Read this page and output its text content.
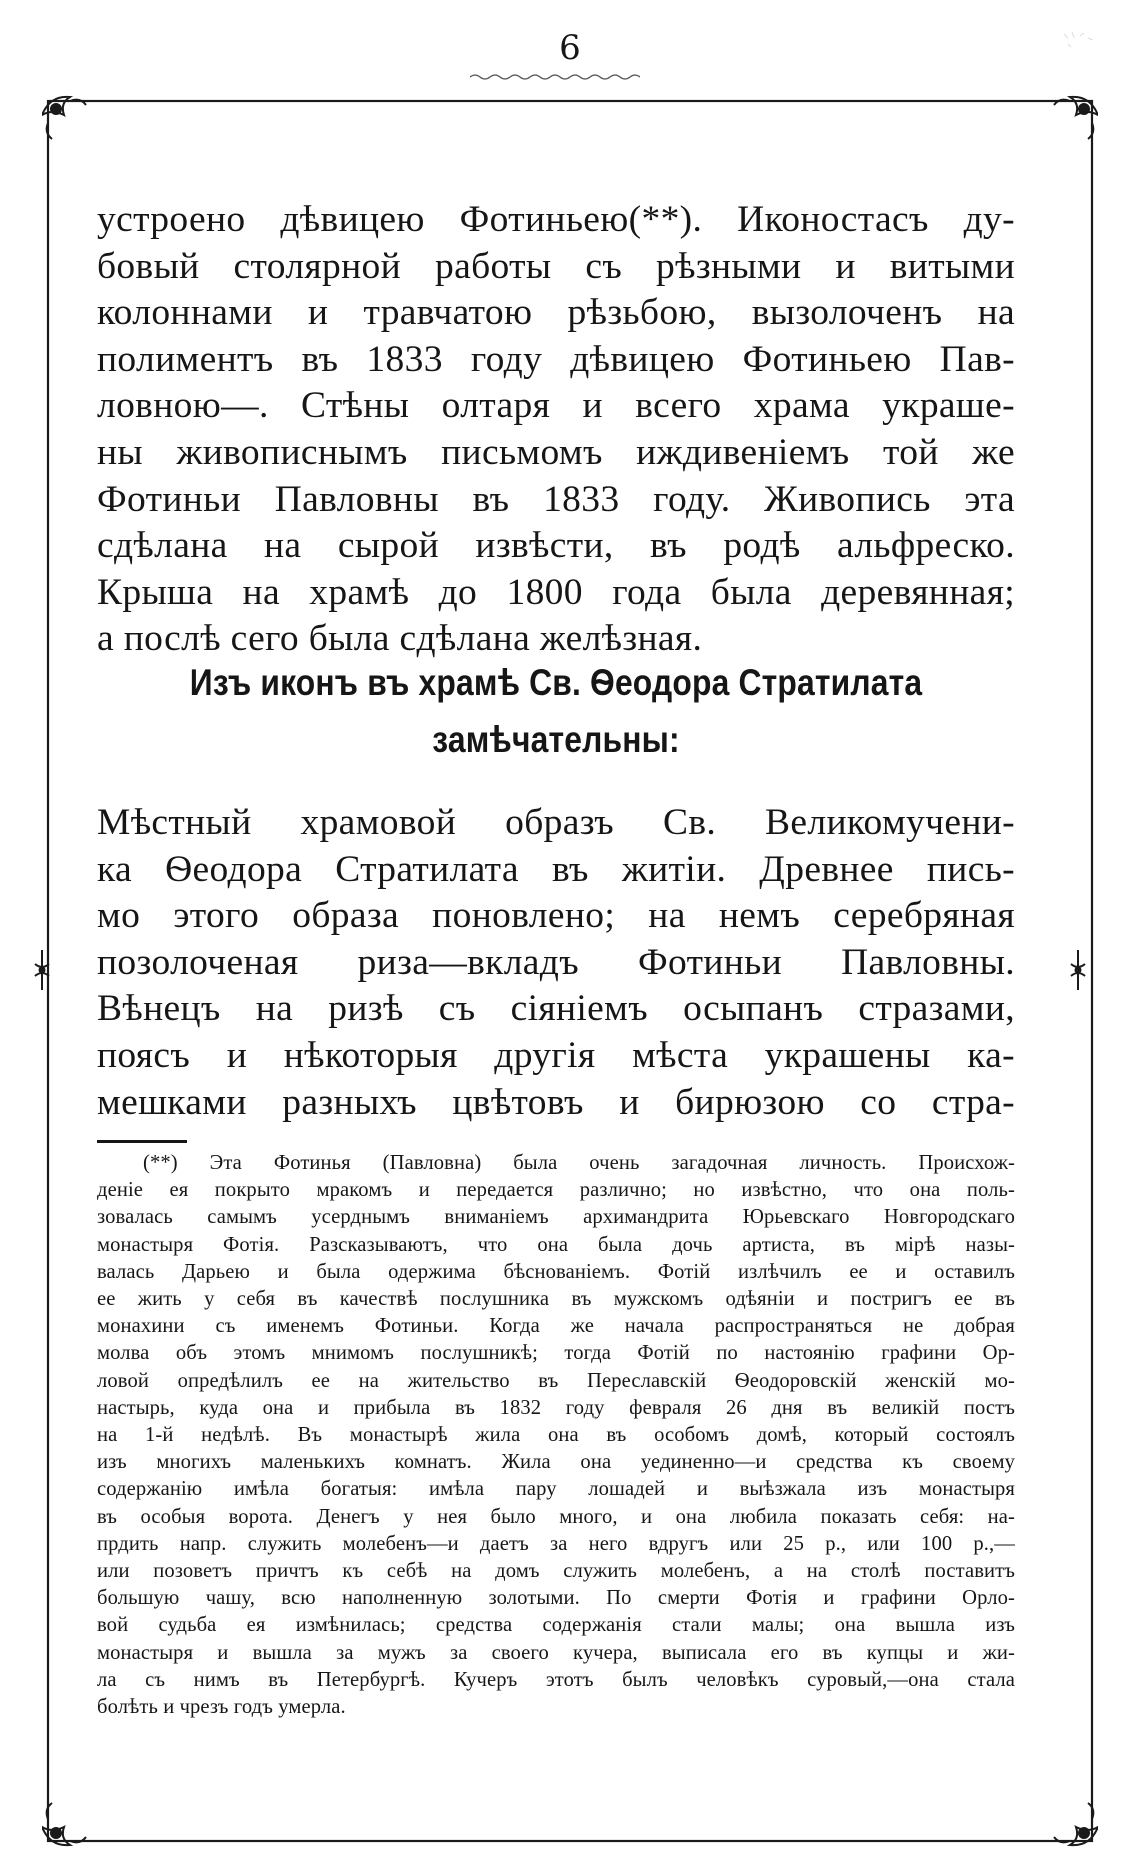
6
устроено дѣвицею Фотиньею(**). Иконостасъ ду-
бовый столярной работы съ рѣзными и витыми
колоннами и травчатою рѣзьбою, вызолоченъ на
полиментъ въ 1833 году дѣвицею Фотиньею Пав-
ловною—. Стѣны олтаря и всего храма украше-
ны живописнымъ письмомъ иждивенiемъ той же
Фотиньи Павловны въ 1833 году. Живопись эта
сдѣлана на сырой извѣсти, въ родѣ альфреско.
Крыша на храмѣ до 1800 года была деревянная;
а послѣ сего была сдѣлана желѣзная.
Изъ иконъ въ храмѣ Св. Ѳеодора Стратилата
замѣчательны:
Мѣстный храмовой образъ Св. Великомучени-
ка Ѳеодора Стратилата въ житiи. Древнее пись-
мо этого образа поновлено; на немъ серебряная
позолоченая риза—вкладъ Фотиньи Павловны.
Вѣнецъ на ризѣ съ сiянiемъ осыпанъ стразами,
поясъ и нѣкоторыя другiя мѣста украшены ка-
мешками разныхъ цвѣтовъ и бирюзою со стра-
(**) Эта Фотинья (Павловна) была очень загадочная личность. Происхож-
денiе ея покрыто мракомъ и передается различно; но извѣстно, что она поль-
зовалась самымъ усерднымъ вниманiемъ архимандрита Юрьевскаго Новгородскаго
монастыря Фотiя. Разсказываютъ, что она была дочь артиста, въ мiрѣ назы-
валась Дарьею и была одержима бѣснованiемъ. Фотiй излѣчилъ ее и оставилъ
ее жить у себя въ качествѣ послушника въ мужскомъ одѣянiи и постригъ ее въ
монахини съ именемъ Фотиньи. Когда же начала распространяться не добрая
молва объ этомъ мнимомъ послушникѣ; тогда Фотiй по настоянiю графини Ор-
ловой опредѣлилъ ее на жительство въ Переславскiй Ѳеодоровскiй женскiй мо-
настырь, куда она и прибыла въ 1832 году февраля 26 дня въ великiй постъ
на 1-й недѣлѣ. Въ монастырѣ жила она въ особомъ домѣ, который состоялъ
изъ многихъ маленькихъ комнатъ. Жила она уединенно—и средства къ своему
содержанiю имѣла богатыя: имѣла пару лошадей и выѣзжала изъ монастыря
въ особыя ворота. Денегъ у нея было много, и она любила показать себя: на-
прдить напр. служить молебенъ—и даетъ за него вдругъ или 25 р., или 100 р.,—
или позоветъ причтъ къ себѣ на домъ служить молебенъ, а на столѣ поставитъ
большую чашу, всю наполненную золотыми. По смерти Фотiя и графини Орло-
вой судьба ея измѣнилась; средства содержанiя стали малы; она вышла изъ
монастыря и вышла за мужъ за своего кучера, выписала его въ купцы и жи-
ла съ нимъ въ Петербургѣ. Кучеръ этотъ былъ человѣкъ суровый,—она стала
болѣть и чрезъ годъ умерла.
